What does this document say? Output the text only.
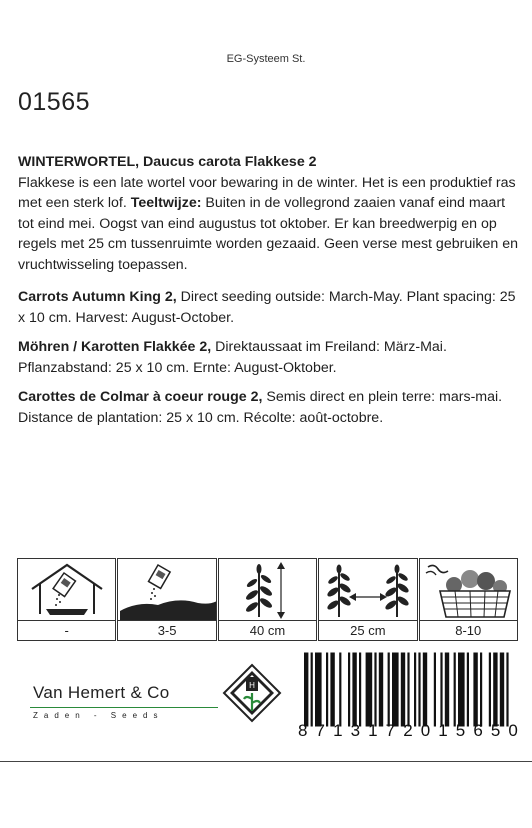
EG-Systeem St.
01565
WINTERWORTEL, Daucus carota Flakkese 2
Flakkese is een late wortel voor bewaring in de winter. Het is een produktief ras met een sterk lof. Teeltwijze: Buiten in de vollegrond zaaien vanaf eind maart tot eind mei. Oogst van eind augustus tot oktober. Er kan breedwerpig en op regels met 25 cm tussenruimte worden gezaaid. Geen verse mest gebruiken en vruchtwisseling toepassen.
Carrots Autumn King 2, Direct seeding outside: March-May. Plant spacing: 25 x 10 cm. Harvest: August-October.
Möhren / Karotten Flakkée 2, Direktaussaat im Freiland: März-Mai. Pflanzabstand: 25 x 10 cm. Ernte: August-Oktober.
Carottes de Colmar à coeur rouge 2, Semis direct en plein terre: mars-mai. Distance de plantation: 25 x 10 cm. Récolte: août-octobre.
-	3-5	40 cm	25 cm	8-10
Van Hemert & Co
Zaden - Seeds
H
8 7 1 3 1 7 2 0 1 5 6 5 0
